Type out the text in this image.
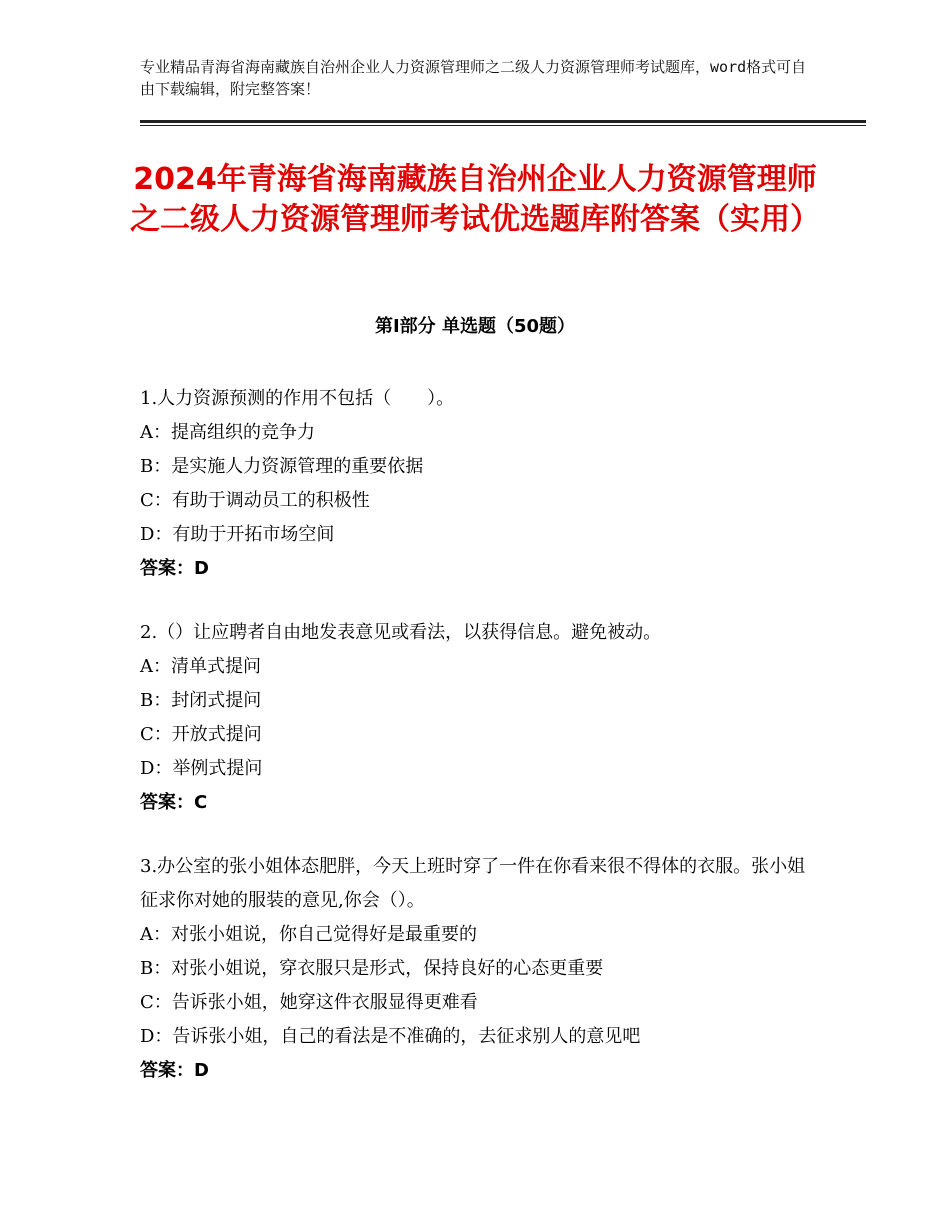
专业精品青海省海南藏族自治州企业人力资源管理师之二级人力资源管理师考试题库，word格式可自由下载编辑，附完整答案！
2024年青海省海南藏族自治州企业人力资源管理师之二级人力资源管理师考试优选题库附答案（实用）
第Ⅰ部分 单选题（50题）

1.人力资源预测的作用不包括（　　）。

A：提高组织的竞争力

B：是实施人力资源管理的重要依据

C：有助于调动员工的积极性

D：有助于开拓市场空间

答案：D

2.（）让应聘者自由地发表意见或看法，以获得信息。避免被动。

A：清单式提问

B：封闭式提问

C：开放式提问

D：举例式提问

答案：C

3.办公室的张小姐体态肥胖，今天上班时穿了一件在你看来很不得体的衣服。张小姐征求你对她的服装的意见,你会（）。

A：对张小姐说，你自己觉得好是最重要的

B：对张小姐说，穿衣服只是形式，保持良好的心态更重要

C：告诉张小姐，她穿这件衣服显得更难看

D：告诉张小姐，自己的看法是不准确的，去征求别人的意见吧

答案：D
